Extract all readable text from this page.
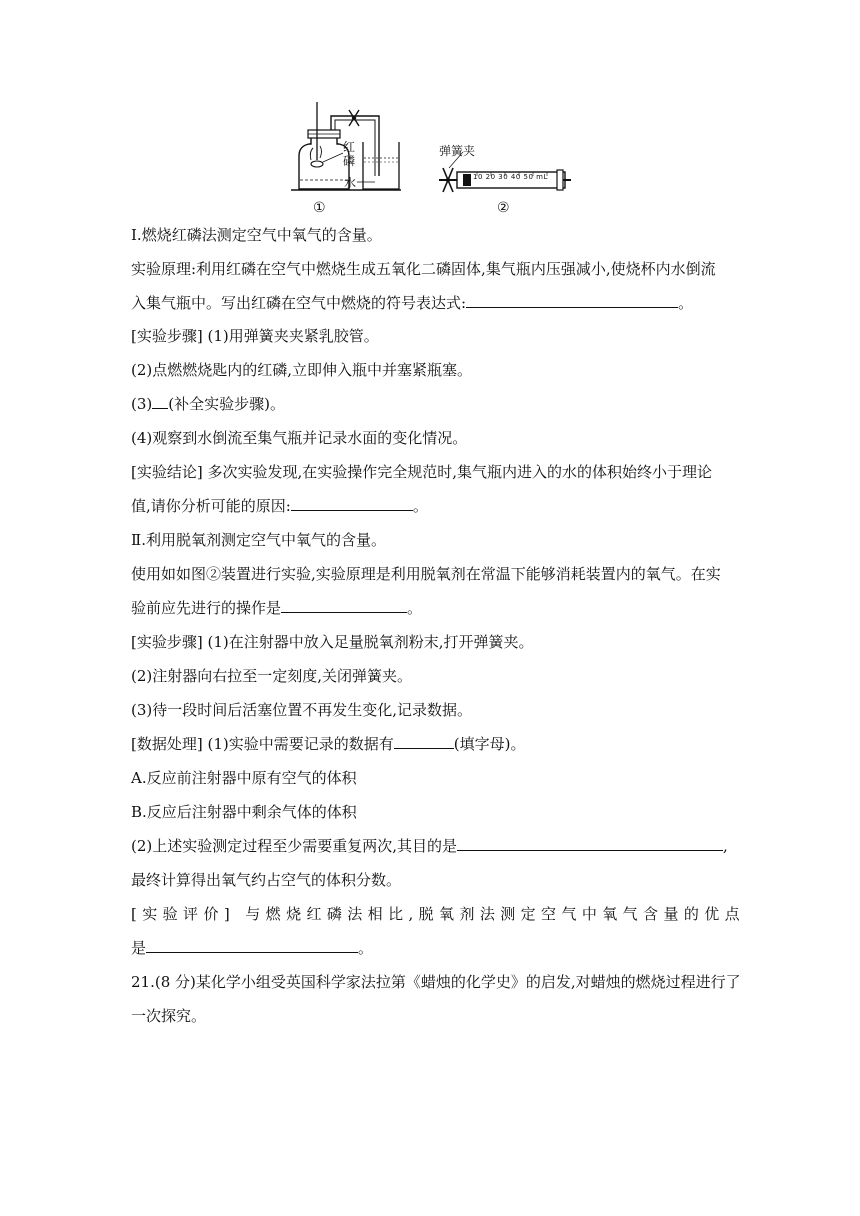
红磷
水
弹簧夹
10 20 30 40 50 mL
①	②
Ⅰ.燃烧红磷法测定空气中氧气的含量。
实验原理:利用红磷在空气中燃烧生成五氧化二磷固体,集气瓶内压强减小,使烧杯内水倒流
入集气瓶中。写出红磷在空气中燃烧的符号表达式:	。
[实验步骤] (1)用弹簧夹夹紧乳胶管。
(2)点燃燃烧匙内的红磷,立即伸入瓶中并塞紧瓶塞。
(3) (补全实验步骤)。
(4)观察到水倒流至集气瓶并记录水面的变化情况。
[实验结论] 多次实验发现,在实验操作完全规范时,集气瓶内进入的水的体积始终小于理论
值,请你分析可能的原因:	。
Ⅱ.利用脱氧剂测定空气中氧气的含量。
使用如如图②装置进行实验,实验原理是利用脱氧剂在常温下能够消耗装置内的氧气。在实
验前应先进行的操作是	。
[实验步骤] (1)在注射器中放入足量脱氧剂粉末,打开弹簧夹。
(2)注射器向右拉至一定刻度,关闭弹簧夹。
(3)待一段时间后活塞位置不再发生变化,记录数据。
[数据处理] (1)实验中需要记录的数据有	(填字母)。
A.反应前注射器中原有空气的体积
B.反应后注射器中剩余气体的体积
(2)上述实验测定过程至少需要重复两次,其目的是	,
最终计算得出氧气约占空气的体积分数。
[实验评价] 与燃烧红磷法相比,脱氧剂法测定空气中氧气含量的优点
是	。
21.(8 分)某化学小组受英国科学家法拉第《蜡烛的化学史》的启发,对蜡烛的燃烧过程进行了
一次探究。
